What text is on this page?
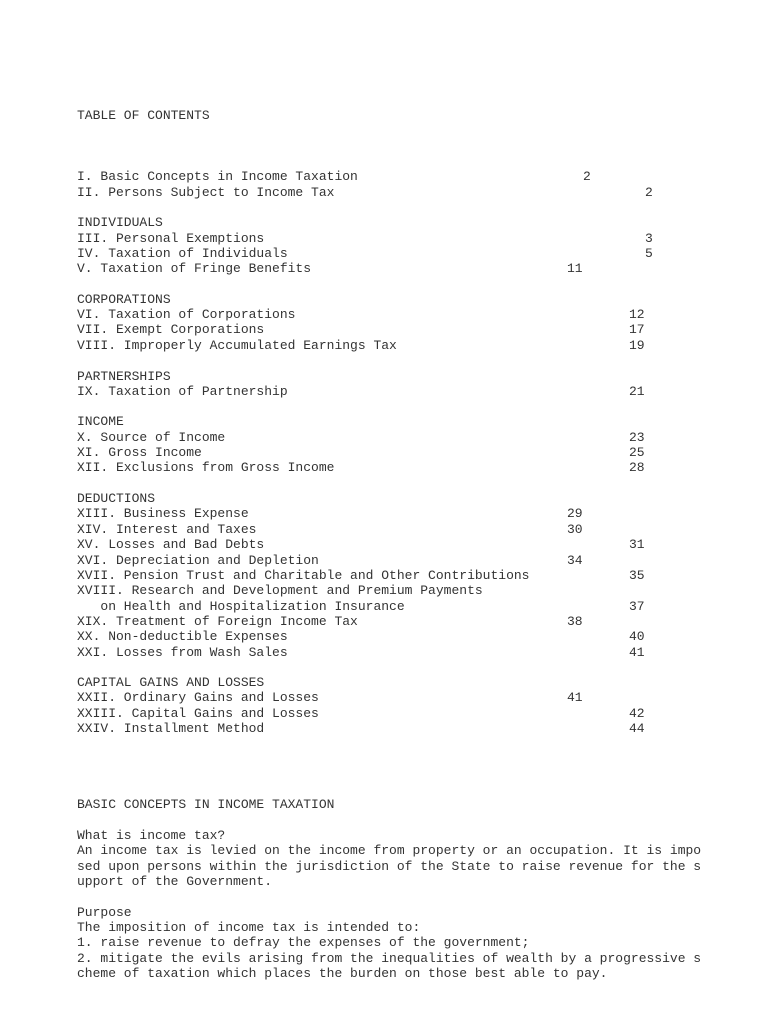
TABLE OF CONTENTS
I. Basic Concepts in Income Taxation	2
II. Persons Subject to Income Tax	2
INDIVIDUALS
III. Personal Exemptions	3
IV. Taxation of Individuals	5
V. Taxation of Fringe Benefits	11
CORPORATIONS
VI. Taxation of Corporations	12
VII. Exempt Corporations	17
VIII. Improperly Accumulated Earnings Tax	19
PARTNERSHIPS
IX. Taxation of Partnership	21
INCOME
X. Source of Income	23
XI. Gross Income	25
XII. Exclusions from Gross Income	28
DEDUCTIONS
XIII. Business Expense	29
XIV. Interest and Taxes	30
XV. Losses and Bad Debts	31
XVI. Depreciation and Depletion	34
XVII. Pension Trust and Charitable and Other Contributions	35
XVIII. Research and Development and Premium Payments
on Health and Hospitalization Insurance	37
XIX. Treatment of Foreign Income Tax	38
XX. Non-deductible Expenses	40
XXI. Losses from Wash Sales	41
CAPITAL GAINS AND LOSSES
XXII. Ordinary Gains and Losses	41
XXIII. Capital Gains and Losses	42
XXIV. Installment Method	44
BASIC CONCEPTS IN INCOME TAXATION
What is income tax?
An income tax is levied on the income from property or an occupation. It is impo
sed upon persons within the jurisdiction of the State to raise revenue for the s
upport of the Government.
Purpose
The imposition of income tax is intended to:
1. raise revenue to defray the expenses of the government;
2. mitigate the evils arising from the inequalities of wealth by a progressive s
cheme of taxation which places the burden on those best able to pay.
